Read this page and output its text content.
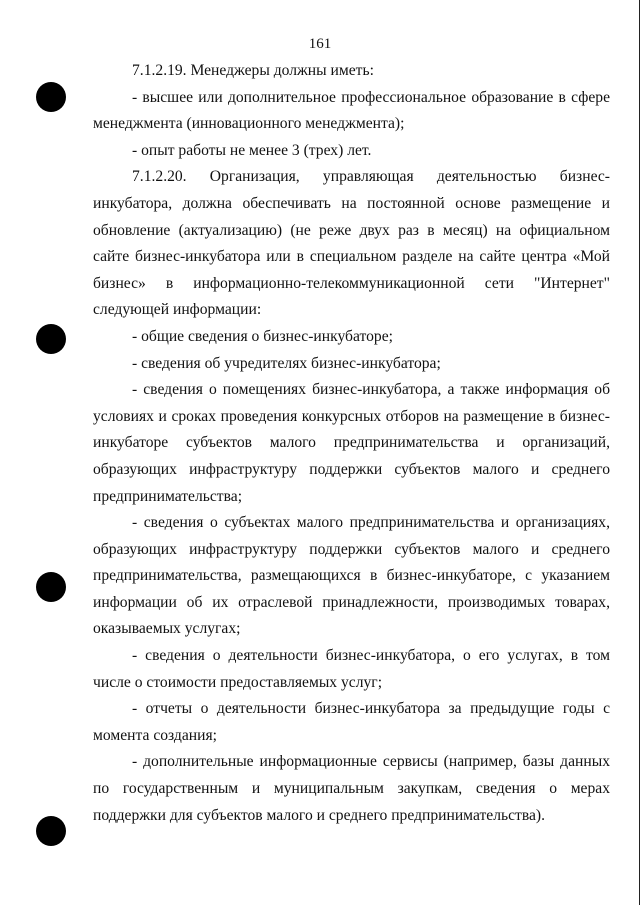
161

7.1.2.19. Менеджеры должны иметь:

- высшее или дополнительное профессиональное образование в сфере менеджмента (инновационного менеджмента);

- опыт работы не менее 3 (трех) лет.

7.1.2.20. Организация, управляющая деятельностью бизнес-инкубатора, должна обеспечивать на постоянной основе размещение и обновление (актуализацию) (не реже двух раз в месяц) на официальном сайте бизнес-инкубатора или в специальном разделе на сайте центра «Мой бизнес» в информационно-телекоммуникационной сети "Интернет" следующей информации:

- общие сведения о бизнес-инкубаторе;

- сведения об учредителях бизнес-инкубатора;

- сведения о помещениях бизнес-инкубатора, а также информация об условиях и сроках проведения конкурсных отборов на размещение в бизнес-инкубаторе субъектов малого предпринимательства и организаций, образующих инфраструктуру поддержки субъектов малого и среднего предпринимательства;

- сведения о субъектах малого предпринимательства и организациях, образующих инфраструктуру поддержки субъектов малого и среднего предпринимательства, размещающихся в бизнес-инкубаторе, с указанием информации об их отраслевой принадлежности, производимых товарах, оказываемых услугах;

- сведения о деятельности бизнес-инкубатора, о его услугах, в том числе о стоимости предоставляемых услуг;

- отчеты о деятельности бизнес-инкубатора за предыдущие годы с момента создания;

- дополнительные информационные сервисы (например, базы данных по государственным и муниципальным закупкам, сведения о мерах поддержки для субъектов малого и среднего предпринимательства).
